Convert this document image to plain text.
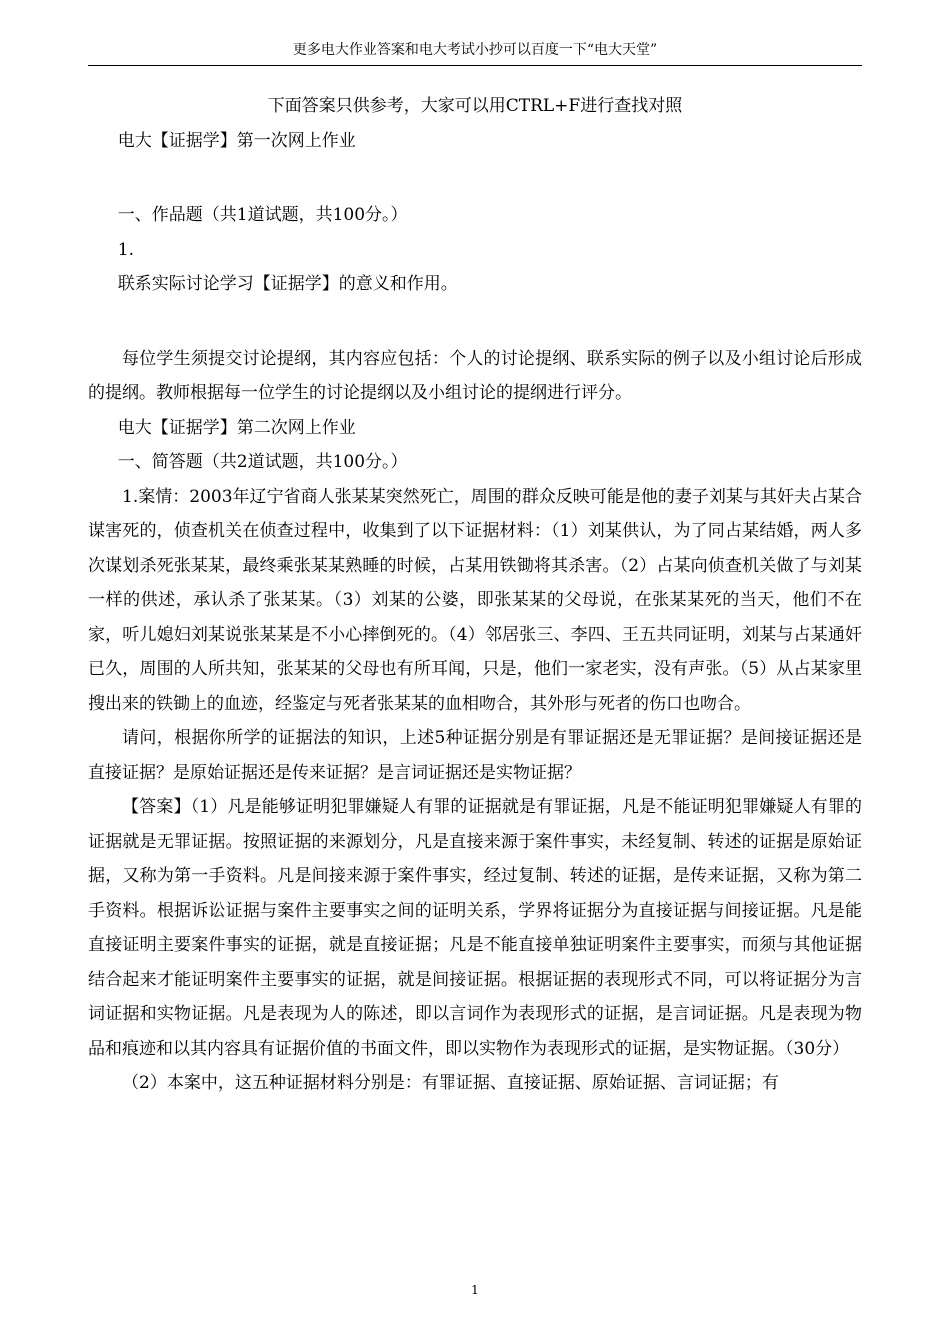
更多电大作业答案和电大考试小抄可以百度一下“电大天堂”

下面答案只供参考，大家可以用CTRL+F进行查找对照

电大【证据学】第一次网上作业

一、作品题（共1道试题，共100分。）

1.

联系实际讨论学习【证据学】的意义和作用。

每位学生须提交讨论提纲，其内容应包括：个人的讨论提纲、联系实际的例子以及小组讨论后形成的提纲。教师根据每一位学生的讨论提纲以及小组讨论的提纲进行评分。

电大【证据学】第二次网上作业

一、简答题（共2道试题，共100分。）

1.案情：2003年辽宁省商人张某某突然死亡，周围的群众反映可能是他的妻子刘某与其奸夫占某合谋害死的，侦查机关在侦查过程中，收集到了以下证据材料：（1）刘某供认，为了同占某结婚，两人多次谋划杀死张某某，最终乘张某某熟睡的时候，占某用铁锄将其杀害。（2）占某向侦查机关做了与刘某一样的供述，承认杀了张某某。（3）刘某的公婆，即张某某的父母说，在张某某死的当天，他们不在家，听儿媳妇刘某说张某某是不小心摔倒死的。（4）邻居张三、李四、王五共同证明，刘某与占某通奸已久，周围的人所共知，张某某的父母也有所耳闻，只是，他们一家老实，没有声张。（5）从占某家里搜出来的铁锄上的血迹，经鉴定与死者张某某的血相吻合，其外形与死者的伤口也吻合。

请问，根据你所学的证据法的知识，上述5种证据分别是有罪证据还是无罪证据？是间接证据还是直接证据？是原始证据还是传来证据？是言词证据还是实物证据？

【答案】（1）凡是能够证明犯罪嫌疑人有罪的证据就是有罪证据，凡是不能证明犯罪嫌疑人有罪的证据就是无罪证据。按照证据的来源划分，凡是直接来源于案件事实，未经复制、转述的证据是原始证据，又称为第一手资料。凡是间接来源于案件事实，经过复制、转述的证据，是传来证据，又称为第二手资料。根据诉讼证据与案件主要事实之间的证明关系，学界将证据分为直接证据与间接证据。凡是能直接证明主要案件事实的证据，就是直接证据；凡是不能直接单独证明案件主要事实，而须与其他证据结合起来才能证明案件主要事实的证据，就是间接证据。根据证据的表现形式不同，可以将证据分为言词证据和实物证据。凡是表现为人的陈述，即以言词作为表现形式的证据，是言词证据。凡是表现为物品和痕迹和以其内容具有证据价值的书面文件，即以实物作为表现形式的证据，是实物证据。（30分）

（2）本案中，这五种证据材料分别是：有罪证据、直接证据、原始证据、言词证据；有

1
